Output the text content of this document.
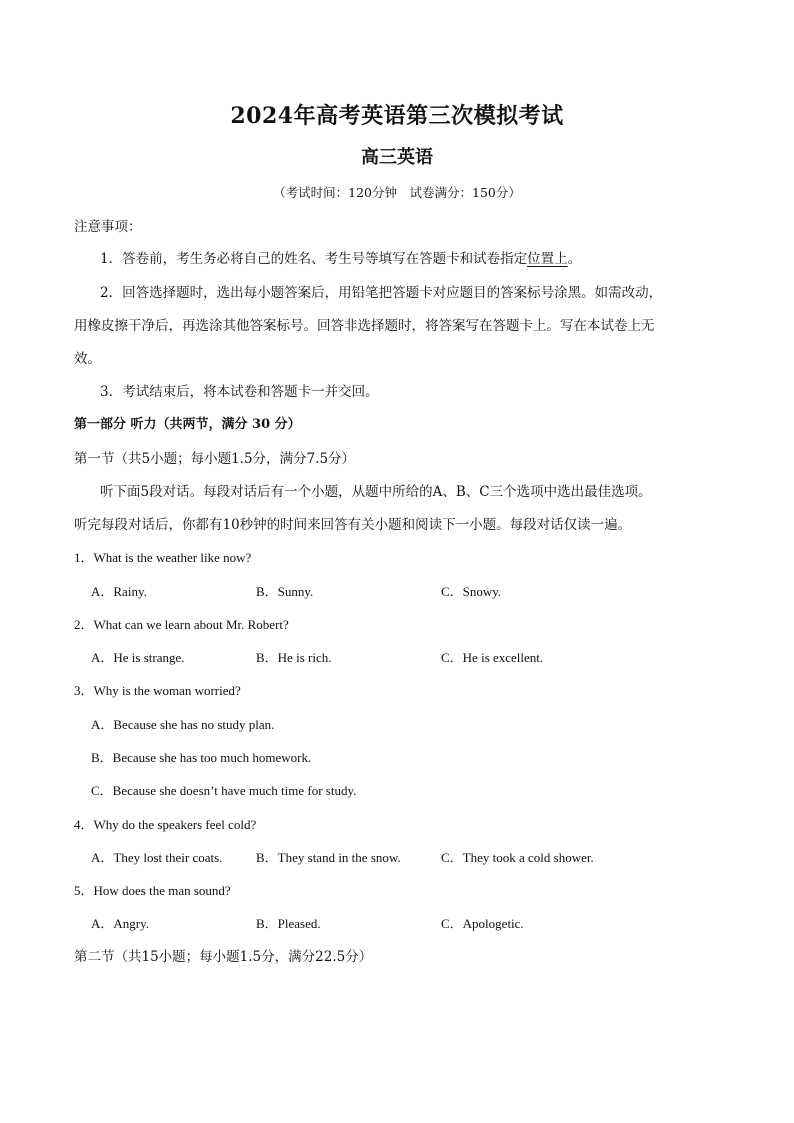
2024年高考英语第三次模拟考试
高三英语
（考试时间：120分钟　试卷满分：150分）
注意事项：
1．答卷前，考生务必将自己的姓名、考生号等填写在答题卡和试卷指定位置上。
2．回答选择题时，选出每小题答案后，用铅笔把答题卡对应题目的答案标号涂黑。如需改动，
用橡皮擦干净后，再选涂其他答案标号。回答非选择题时，将答案写在答题卡上。写在本试卷上无
效。
3．考试结束后，将本试卷和答题卡一并交回。
第一部分 听力（共两节，满分 30 分）
第一节（共5小题；每小题1.5分，满分7.5分）
听下面5段对话。每段对话后有一个小题，从题中所给的A、B、C三个选项中选出最佳选项。
听完每段对话后，你都有10秒钟的时间来回答有关小题和阅读下一小题。每段对话仅读一遍。
1．What is the weather like now?
A．Rainy.	B．Sunny.	C．Snowy.
2．What can we learn about Mr. Robert?
A．He is strange.	B．He is rich.	C．He is excellent.
3．Why is the woman worried?
A．Because she has no study plan.
B．Because she has too much homework.
C．Because she doesn’t have much time for study.
4．Why do the speakers feel cold?
A．They lost their coats.	B．They stand in the snow.	C．They took a cold shower.
5．How does the man sound?
A．Angry.	B．Pleased.	C．Apologetic.
第二节（共15小题；每小题1.5分，满分22.5分）
